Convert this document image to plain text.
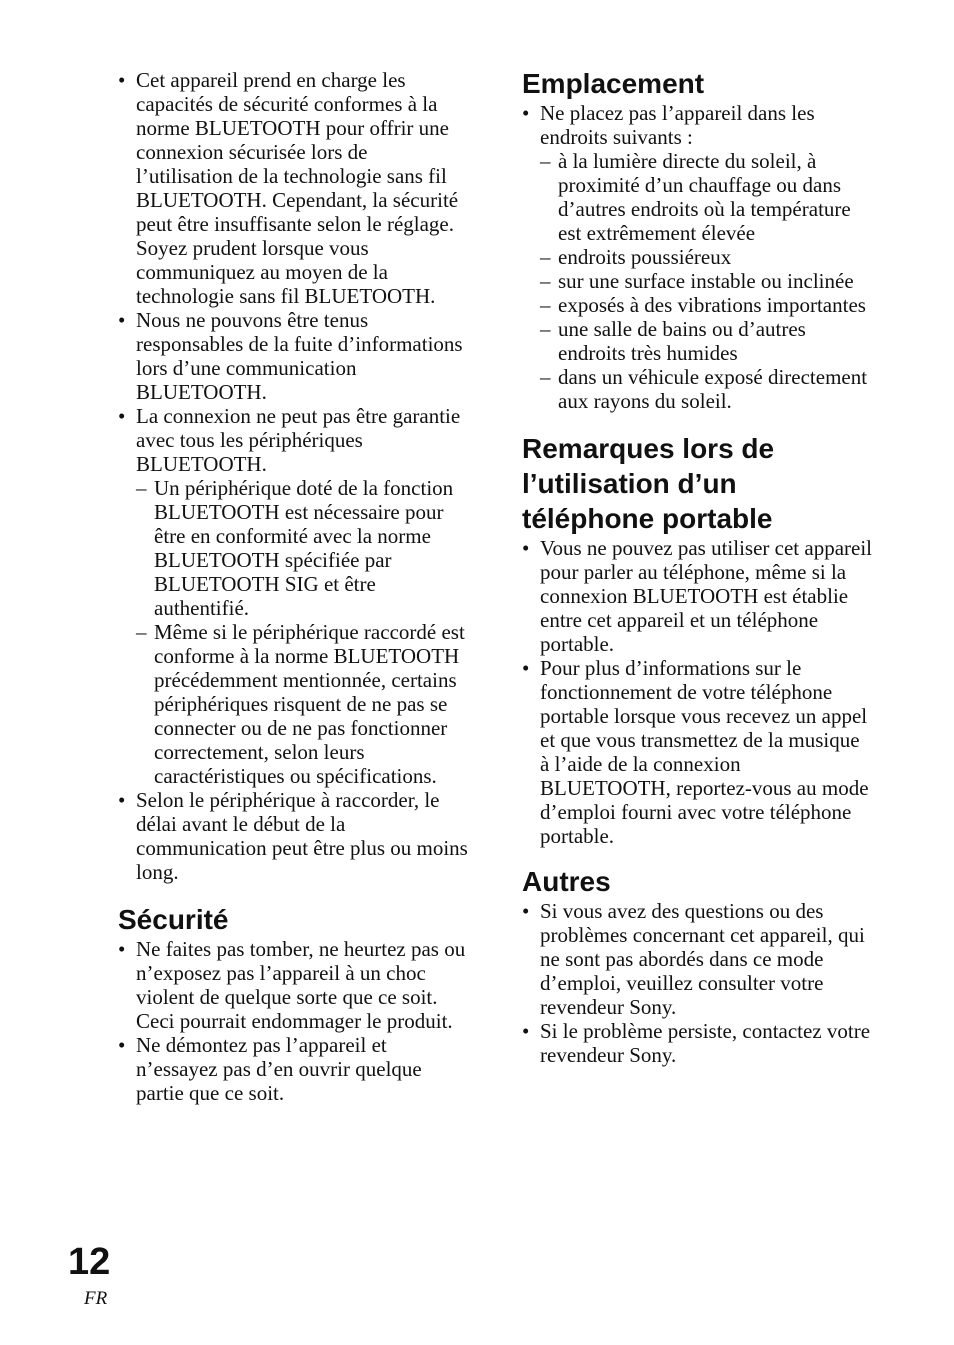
• Cet appareil prend en charge les capacités de sécurité conformes à la norme BLUETOOTH pour offrir une connexion sécurisée lors de l’utilisation de la technologie sans fil BLUETOOTH. Cependant, la sécurité peut être insuffisante selon le réglage. Soyez prudent lorsque vous communiquez au moyen de la technologie sans fil BLUETOOTH.
• Nous ne pouvons être tenus responsables de la fuite d’informations lors d’une communication BLUETOOTH.
• La connexion ne peut pas être garantie avec tous les périphériques BLUETOOTH.
– Un périphérique doté de la fonction BLUETOOTH est nécessaire pour être en conformité avec la norme BLUETOOTH spécifiée par BLUETOOTH SIG et être authentifié.
– Même si le périphérique raccordé est conforme à la norme BLUETOOTH précédemment mentionnée, certains périphériques risquent de ne pas se connecter ou de ne pas fonctionner correctement, selon leurs caractéristiques ou spécifications.
• Selon le périphérique à raccorder, le délai avant le début de la communication peut être plus ou moins long.
Sécurité
• Ne faites pas tomber, ne heurtez pas ou n’exposez pas l’appareil à un choc violent de quelque sorte que ce soit. Ceci pourrait endommager le produit.
• Ne démontez pas l’appareil et n’essayez pas d’en ouvrir quelque partie que ce soit.
Emplacement
• Ne placez pas l’appareil dans les endroits suivants :
– à la lumière directe du soleil, à proximité d’un chauffage ou dans d’autres endroits où la température est extrêmement élevée
– endroits poussiéreux
– sur une surface instable ou inclinée
– exposés à des vibrations importantes
– une salle de bains ou d’autres endroits très humides
– dans un véhicule exposé directement aux rayons du soleil.
Remarques lors de l’utilisation d’un téléphone portable
• Vous ne pouvez pas utiliser cet appareil pour parler au téléphone, même si la connexion BLUETOOTH est établie entre cet appareil et un téléphone portable.
• Pour plus d’informations sur le fonctionnement de votre téléphone portable lorsque vous recevez un appel et que vous transmettez de la musique à l’aide de la connexion BLUETOOTH, reportez-vous au mode d’emploi fourni avec votre téléphone portable.
Autres
• Si vous avez des questions ou des problèmes concernant cet appareil, qui ne sont pas abordés dans ce mode d’emploi, veuillez consulter votre revendeur Sony.
• Si le problème persiste, contactez votre revendeur Sony.
12
FR
